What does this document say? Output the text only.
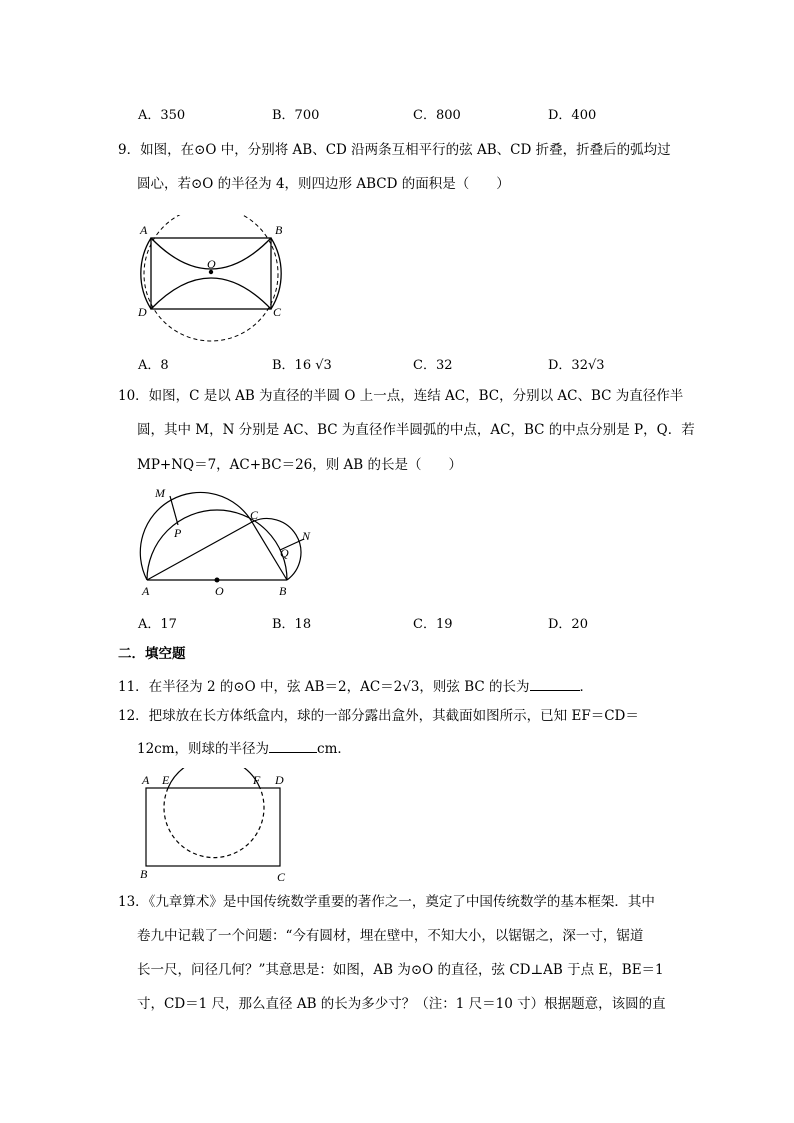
A．350	B．700	C．800	D．400
9．如图，在⊙O 中，分别将 AB、CD 沿两条互相平行的弦 AB、CD 折叠，折叠后的弧均过
圆心，若⊙O 的半径为 4，则四边形 ABCD 的面积是（　　）
A	B
C
D
O
A．8	B．16 √3	C．32	D．32√3
10．如图，C 是以 AB 为直径的半圆 O 上一点，连结 AC，BC，分别以 AC、BC 为直径作半
圆，其中 M，N 分别是 AC、BC 为直径作半圆弧的中点，AC，BC 的中点分别是 P，Q．若
MP+NQ＝7，AC+BC＝26，则 AB 的长是（　　）
M
P
C
N
Q
A	O	B
A．17	B．18	C．19	D．20
二．填空题
11．在半径为 2 的⊙O 中，弦 AB＝2，AC＝2√3，则弦 BC 的长为	．
12．把球放在长方体纸盒内，球的一部分露出盒外，其截面如图所示，已知 EF＝CD＝
12cm，则球的半径为	cm．
A E	F D
B	C
13．《九章算术》是中国传统数学重要的著作之一，奠定了中国传统数学的基本框架．其中
卷九中记载了一个问题：“今有圆材，埋在壁中，不知大小，以锯锯之，深一寸，锯道
长一尺，问径几何？”其意思是：如图，AB 为⊙O 的直径，弦 CD⊥AB 于点 E，BE＝1
寸，CD＝1 尺，那么直径 AB 的长为多少寸？（注：1 尺＝10 寸）根据题意，该圆的直
